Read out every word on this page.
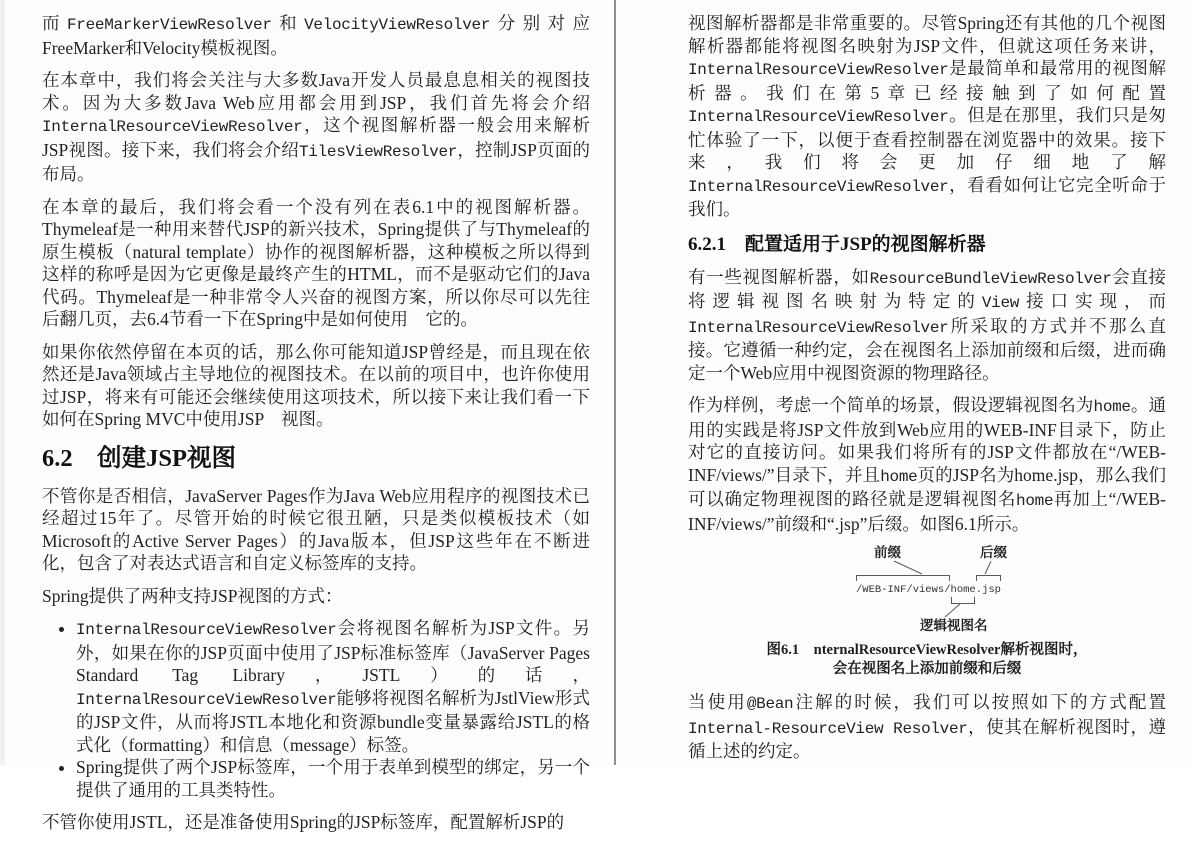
而FreeMarkerViewResolver和VelocityViewResolver分别对应FreeMarker和Velocity模板视图。

在本章中，我们将会关注与大多数Java开发人员最息息相关的视图技术。因为大多数Java Web应用都会用到JSP，我们首先将会介绍InternalResourceViewResolver，这个视图解析器一般会用来解析JSP视图。接下来，我们将会介绍TilesViewResolver，控制JSP页面的布局。

在本章的最后，我们将会看一个没有列在表6.1中的视图解析器。Thymeleaf是一种用来替代JSP的新兴技术，Spring提供了与Thymeleaf的原生模板（natural template）协作的视图解析器，这种模板之所以得到这样的称呼是因为它更像是最终产生的HTML，而不是驱动它们的Java代码。Thymeleaf是一种非常令人兴奋的视图方案，所以你尽可以先往后翻几页，去6.4节看一下在Spring中是如何使用　它的。

如果你依然停留在本页的话，那么你可能知道JSP曾经是，而且现在依然还是Java领域占主导地位的视图技术。在以前的项目中，也许你使用过JSP，将来有可能还会继续使用这项技术，所以接下来让我们看一下如何在Spring MVC中使用JSP　视图。

6.2　创建JSP视图

不管你是否相信，JavaServer Pages作为Java Web应用程序的视图技术已经超过15年了。尽管开始的时候它很丑陋，只是类似模板技术（如Microsoft的Active Server Pages）的Java版本，但JSP这些年在不断进化，包含了对表达式语言和自定义标签库的支持。

Spring提供了两种支持JSP视图的方式：

• InternalResourceViewResolver会将视图名解析为JSP文件。另外，如果在你的JSP页面中使用了JSP标准标签库（JavaServer Pages Standard Tag Library，JSTL）的话，InternalResourceViewResolver能够将视图名解析为JstlView形式的JSP文件，从而将JSTL本地化和资源bundle变量暴露给JSTL的格式化（formatting）和信息（message）标签。
• Spring提供了两个JSP标签库，一个用于表单到模型的绑定，另一个提供了通用的工具类特性。

不管你使用JSTL，还是准备使用Spring的JSP标签库，配置解析JSP的

视图解析器都是非常重要的。尽管Spring还有其他的几个视图解析器都能将视图名映射为JSP文件，但就这项任务来讲，InternalResourceViewResolver是最简单和最常用的视图解析器。我们在第5章已经接触到了如何配置InternalResourceViewResolver。但是在那里，我们只是匆忙体验了一下，以便于查看控制器在浏览器中的效果。接下来，我们将会更加仔细地了解InternalResourceViewResolver，看看如何让它完全听命于我们。

6.2.1　配置适用于JSP的视图解析器

有一些视图解析器，如ResourceBundleViewResolver会直接将逻辑视图名映射为特定的View接口实现，而InternalResourceViewResolver所采取的方式并不那么直接。它遵循一种约定，会在视图名上添加前缀和后缀，进而确定一个Web应用中视图资源的物理路径。

作为样例，考虑一个简单的场景，假设逻辑视图名为home。通用的实践是将JSP文件放到Web应用的WEB-INF目录下，防止对它的直接访问。如果我们将所有的JSP文件都放在“/WEB-INF/views/”目录下，并且home页的JSP名为home.jsp，那么我们可以确定物理视图的路径就是逻辑视图名home再加上“/WEB-INF/views/”前缀和“.jsp”后缀。如图6.1所示。

前缀	后缀
/WEB-INF/views/home.jsp
逻辑视图名
图6.1　nternalResourceViewResolver解析视图时，
会在视图名上添加前缀和后缀

当使用@Bean注解的时候，我们可以按照如下的方式配置Internal-ResourceView Resolver，使其在解析视图时，遵循上述的约定。
